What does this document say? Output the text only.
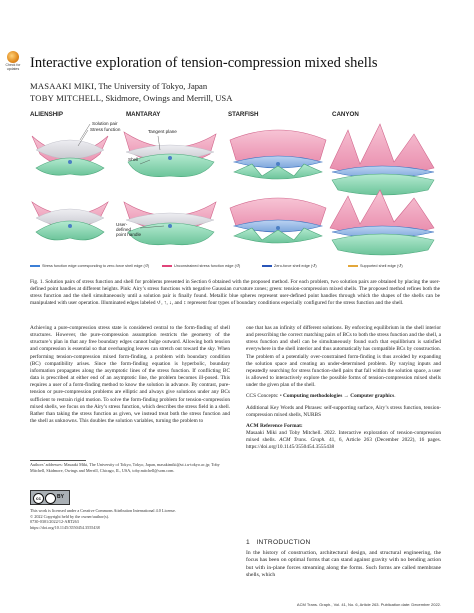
Check for updates Interactive exploration of tension-compression mixed shells
MASAAKI MIKI, The University of Tokyo, Japan
TOBY MITCHELL, Skidmore, Owings and Merrill, USA
ALIENSHIP	MANTARAY	STARFISH	CANYON
Solution pair
Stress function	Tangent plane
Shell
User-defined point handle
Stress function edge corresponding to zero-force shell edge (↺)	Unconstrained stress function edge (↺)	Zero-force shell edge (↺)	Supported shell edge (↺)
Fig. 1. Solution pairs of stress function and shell for problems presented in Section 6 obtained with the proposed method. For each problem, two solution pairs are obtained by placing the user-defined point handles at different heights. Pink: Airy’s stress functions with negative Gaussian curvature zones; green: tension-compression mixed shells. The proposed method refines both the stress function and the shell simultaneously until a solution pair is finally found. Metallic blue spheres represent user-defined point handles through which the shapes of the shells can be manipulated with user operation. Illuminated edges labeled ↺, ↑, ↓, and ↕ represent four types of boundary conditions especially configured for the stress function and the shell.

Achieving a pure-compression stress state is considered central to the form-finding of shell structures. However, the pure-compression assumption restricts the geometry of the structure’s plan in that any free boundary edges cannot bulge outward. Allowing both tension and compression is essential so that overhanging leaves can stretch out toward the sky. When performing tension-compression mixed form-finding, a problem with boundary condition (BC) compatibility arises. Since the form-finding equation is hyperbolic, boundary information propagates along the asymptotic lines of the stress function. If conflicting BC data is prescribed at either end of an asymptotic line, the problem becomes ill-posed. This requires a user of a form-finding method to know the solution in advance. By contrast, pure-tension or pure-compression problems are elliptic and always give solutions under any BCs sufficient to restrain rigid motion. To solve the form-finding problem for tension-compression mixed shells, we focus on the Airy’s stress function, which describes the stress field in a shell. Rather than taking the stress function as given, we instead treat both the stress function and the shell as unknowns. This doubles the solution variables, turning the problem to

one that has an infinity of different solutions. By enforcing equilibrium in the shell interior and prescribing the correct matching pairs of BCs to both the stress function and the shell, a stress function and shell can be simultaneously found such that equilibrium is satisfied everywhere in the shell interior and thus automatically has compatible BCs by construction. The problem of a potentially over-constrained form-finding is thus avoided by expanding the solution space and creating an under-determined problem. By varying inputs and repeatedly searching for stress function-shell pairs that fall within the solution space, a user is allowed to interactively explore the possible forms of tension-compression mixed shells under the given plan of the shell.

CCS Concepts: • Computing methodologies → Computer graphics.

Additional Key Words and Phrases: self-supporting surface, Airy’s stress function, tension-compression mixed shells, NURBS

ACM Reference Format:

Masaaki Miki and Toby Mitchell. 2022. Interactive exploration of tension-compression mixed shells. ACM Trans. Graph. 41, 6, Article 263 (December 2022), 16 pages. https://doi.org/10.1145/3550454.3555438

Authors’ addresses: Masaaki Miki, The University of Tokyo, Tokyo, Japan, masakimiki@ut.t.u-tokyo.ac.jp; Toby Mitchell, Skidmore, Owings and Merrill, Chicago, IL, USA, toby.mitchell@som.com.
cc	BY
This work is licensed under a Creative Commons Attribution International 4.0 License.
© 2022 Copyright held by the owner/author(s).
0730-0301/2022/12-ART263
https://doi.org/10.1145/3550454.3555438
1 INTRODUCTION
In the history of construction, architectural design, and structural engineering, the focus has been on optimal forms that can stand against gravity with no bending action but with in-plane forces streaming along the forms. Such forms are called membrane shells, which
ACM Trans. Graph., Vol. 41, No. 6, Article 263. Publication date: December 2022.
